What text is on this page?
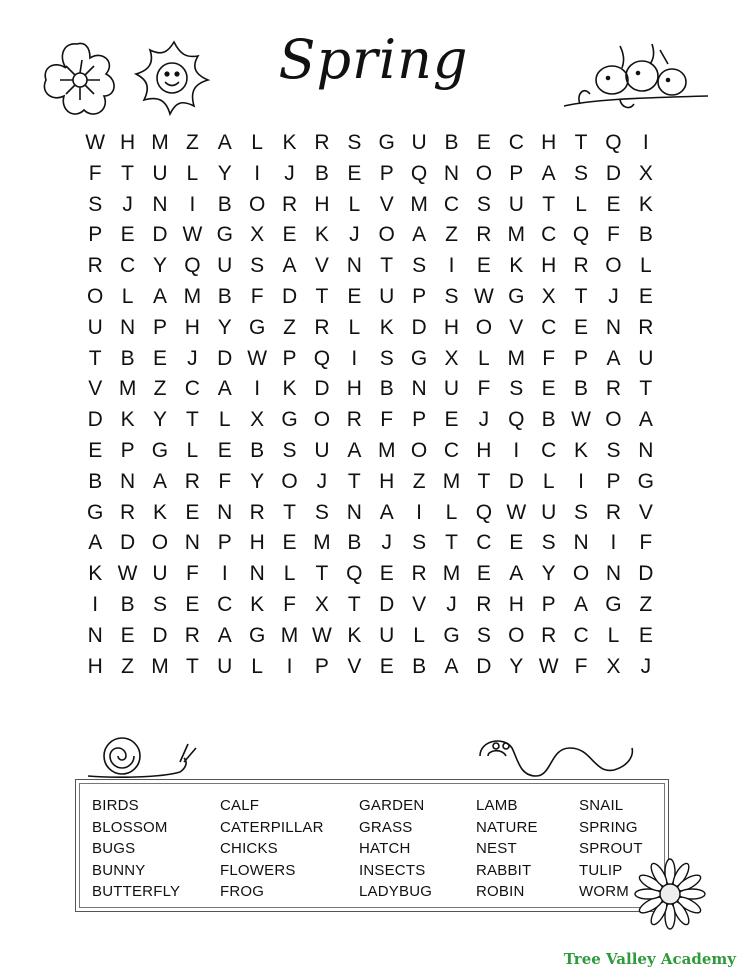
Spring
W H M Z A L K R S G U B E C H T Q	I
F T U L Y	I	J B E P Q N O P A S D X
S J N	I	B O R H L V M C S U T L E K
P E D W G X E K J O A Z R M C Q F B
R C Y Q U S A V N T S	I	E K H R O L
O L A M B F D T E U P S W G X T J E
U N P H Y G Z R L K D H O V C E N R
T B E J D W P Q	I	S G X L M F P A U
V M Z C A	I	K D H B N U F S E B R T
D K Y T L X G O R F P E J Q B W O A
E P G L E B S U A M O C H	I	C K S N
B N A R F Y O J T H Z M T D L	I	P G
G R K E N R T S N A	I	L Q W U S R V
A D O N P H E M B J S T C E S N	I	F
K W U F	I	N L T Q E R M E A Y O N D
I	B S E C K F X T D V J R H P A G Z
N E D R A G M W K U L G S O R C L E
H Z M T U L	I	P V E B A D Y W F X J
BIRDS
BLOSSOM
BUGS
BUNNY
BUTTERFLY
CALF
CATERPILLAR
CHICKS
FLOWERS
FROG
GARDEN
GRASS
HATCH
INSECTS
LADYBUG
LAMB
NATURE
NEST
RABBIT
ROBIN
SNAIL
SPRING
SPROUT
TULIP
WORM
Tree Valley Academy
